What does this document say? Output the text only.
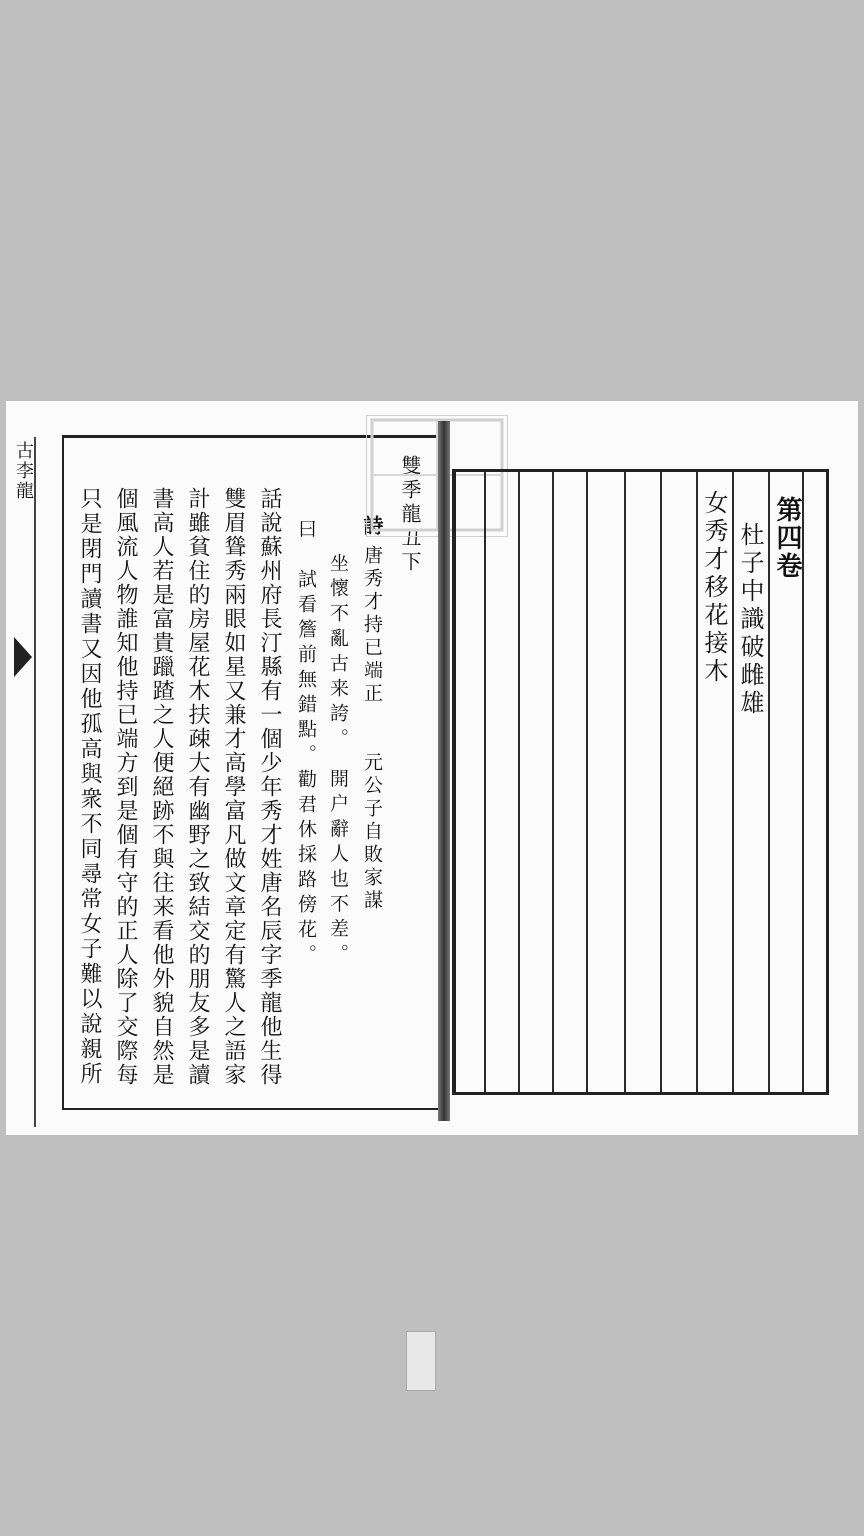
古李龍	雙季龍丑下
詩
唐秀才持已端正　　元公子自敗家謀
坐懷不亂古来誇。　開户辭人也不差。
曰　試看簷前無錯點。勸君休採路傍花。
話說蘇州府長汀縣有一個少年秀才姓唐名辰字季龍他生得
雙眉聳秀兩眼如星又兼才高學富凡做文章定有驚人之語家
計雖貧住的房屋花木扶疎大有幽野之致結交的朋友多是讀
書高人若是富貴躐蹅之人便絕跡不與往来看他外貌自然是
個風流人物誰知他持已端方到是個有守的正人除了交際每
只是閉門讀書又因他孤高與衆不同尋常女子難以說親所	第四卷
杜子中識破雌雄
女秀才移花接木
